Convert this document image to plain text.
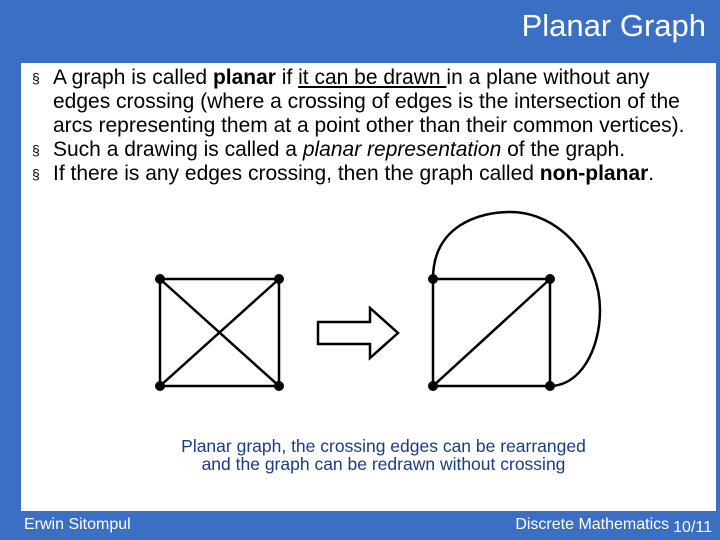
Planar Graph
§ A graph is called planar if it can be drawn in a plane without any edges crossing (where a crossing of edges is the intersection of the arcs representing them at a point other than their common vertices).
§ Such a drawing is called a planar representation of the graph.
§ If there is any edges crossing, then the graph called non-planar.
Planar graph, the crossing edges can be rearranged and the graph can be redrawn without crossing
Erwin Sitompul	Discrete Mathematics 10/11
